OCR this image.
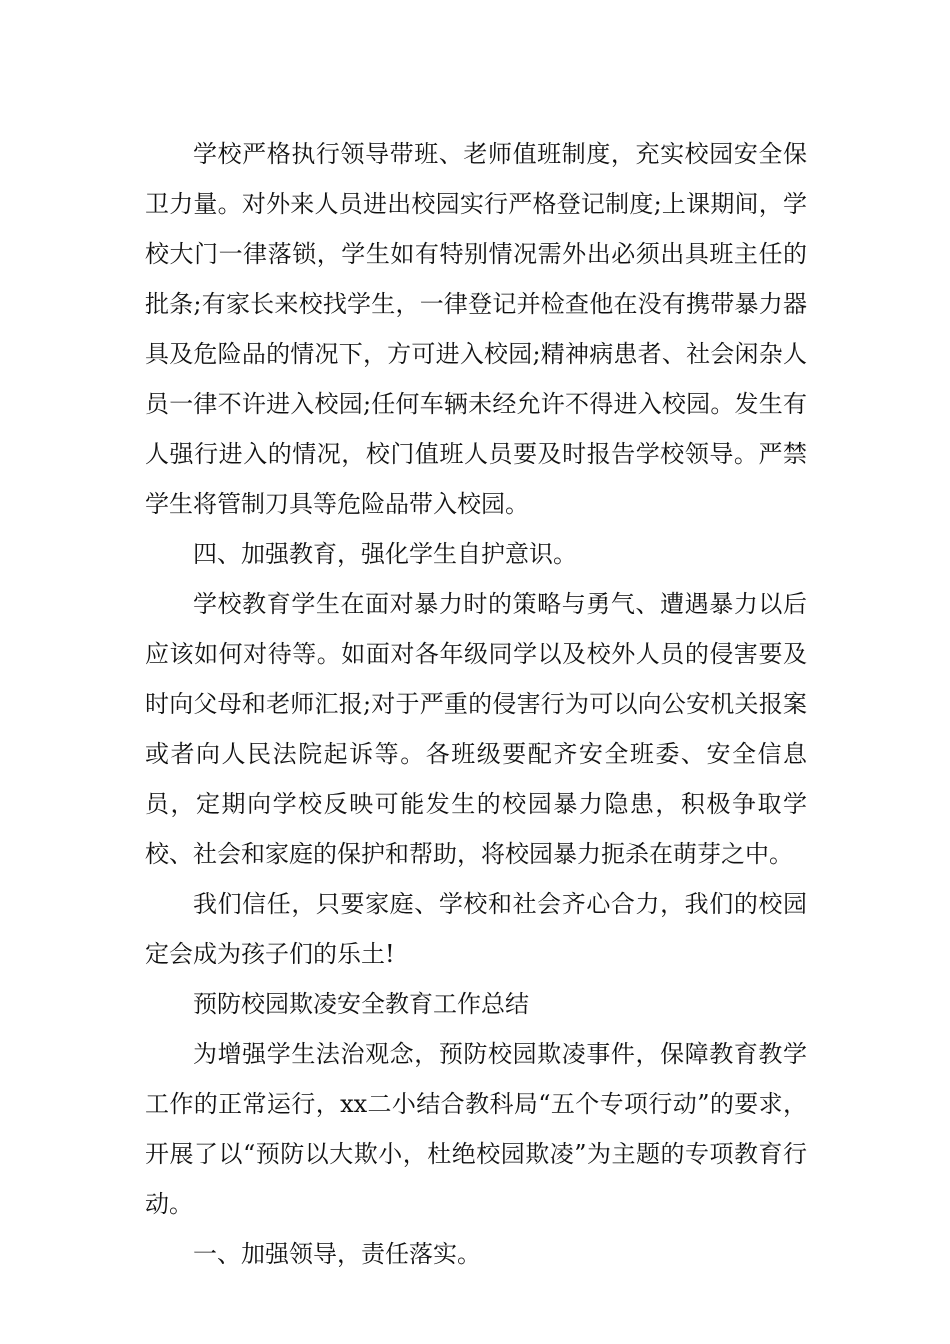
学校严格执行领导带班、老师值班制度，充实校园安全保卫力量。对外来人员进出校园实行严格登记制度;上课期间，学校大门一律落锁，学生如有特别情况需外出必须出具班主任的批条;有家长来校找学生，一律登记并检查他在没有携带暴力器具及危险品的情况下，方可进入校园;精神病患者、社会闲杂人员一律不许进入校园;任何车辆未经允许不得进入校园。发生有人强行进入的情况，校门值班人员要及时报告学校领导。严禁学生将管制刀具等危险品带入校园。

四、加强教育，强化学生自护意识。

学校教育学生在面对暴力时的策略与勇气、遭遇暴力以后应该如何对待等。如面对各年级同学以及校外人员的侵害要及时向父母和老师汇报;对于严重的侵害行为可以向公安机关报案或者向人民法院起诉等。各班级要配齐安全班委、安全信息员，定期向学校反映可能发生的校园暴力隐患，积极争取学校、社会和家庭的保护和帮助，将校园暴力扼杀在萌芽之中。

我们信任，只要家庭、学校和社会齐心合力，我们的校园定会成为孩子们的乐土!

预防校园欺凌安全教育工作总结

为增强学生法治观念，预防校园欺凌事件，保障教育教学工作的正常运行，xx二小结合教科局“五个专项行动”的要求，开展了以“预防以大欺小，杜绝校园欺凌”为主题的专项教育行动。

一、加强领导，责任落实。
